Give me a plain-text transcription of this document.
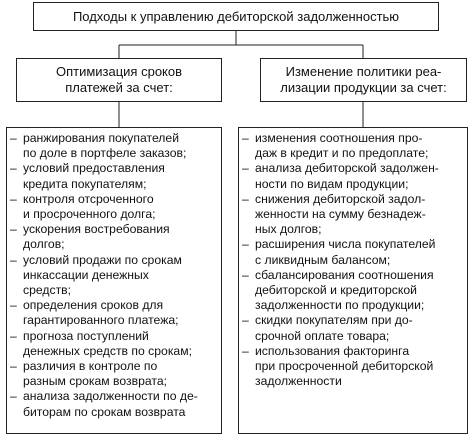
Подходы к управлению дебиторской задолженностью
Оптимизация сроков
платежей за счет:
Изменение политики реа-
лизации продукции за счет:
– ранжирования покупателей
по доле в портфеле заказов;
– условий предоставления
кредита покупателям;
– контроля отсроченного
и просроченного долга;
– ускорения востребования
долгов;
– условий продажи по срокам
инкассации денежных
средств;
– определения сроков для
гарантированного платежа;
– прогноза поступлений
денежных средств по срокам;
– различия в контроле по
разным срокам возврата;
– анализа задолженности по де-
биторам по срокам возврата
– изменения соотношения про-
даж в кредит и по предоплате;
– анализа дебиторской задолжен-
ности по видам продукции;
– снижения дебиторской задол-
женности на сумму безнадеж-
ных долгов;
– расширения числа покупателей
с ликвидным балансом;
– сбалансирования соотношения
дебиторской и кредиторской
задолженности по продукции;
– скидки покупателям при до-
срочной оплате товара;
– использования факторинга
при просроченной дебиторской
задолженности
